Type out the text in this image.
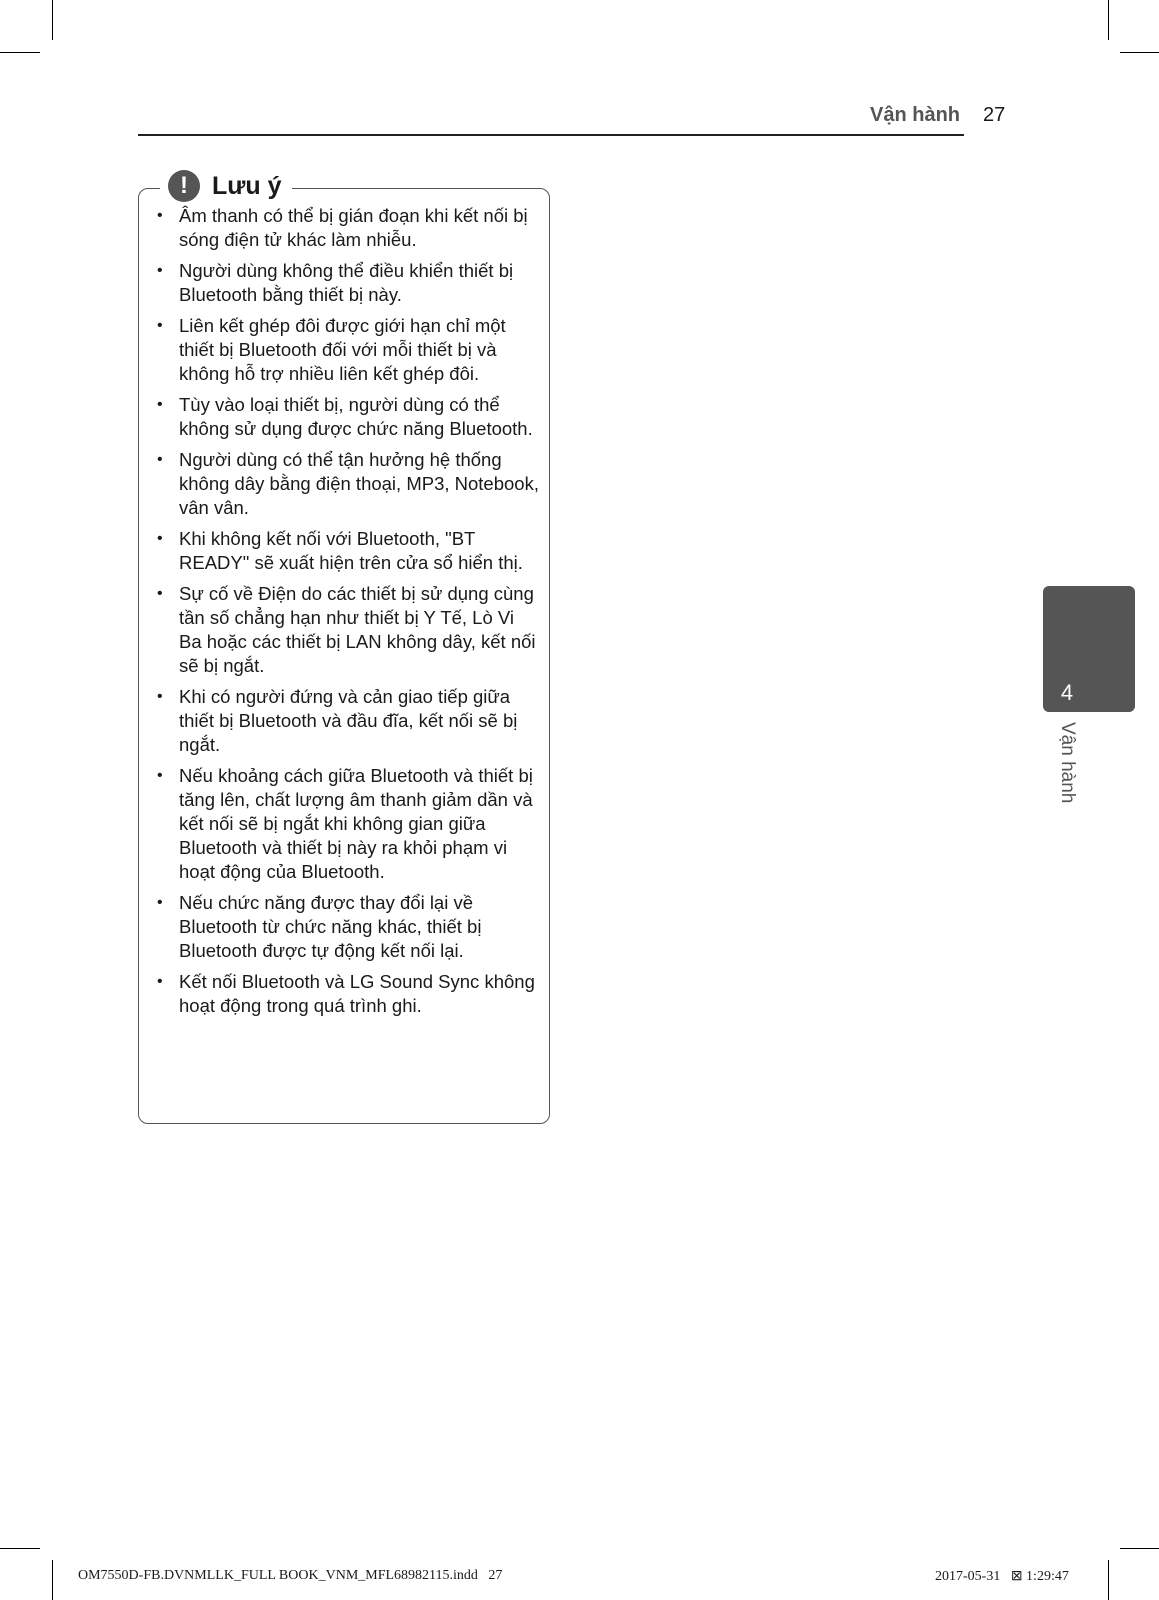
Vận hành 27
! Lưu ý
• Âm thanh có thể bị gián đoạn khi kết nối bị sóng điện tử khác làm nhiễu.
• Người dùng không thể điều khiển thiết bị Bluetooth bằng thiết bị này.
• Liên kết ghép đôi được giới hạn chỉ một thiết bị Bluetooth đối với mỗi thiết bị và không hỗ trợ nhiều liên kết ghép đôi.
• Tùy vào loại thiết bị, người dùng có thể không sử dụng được chức năng Bluetooth.
• Người dùng có thể tận hưởng hệ thống không dây bằng điện thoại, MP3, Notebook, vân vân.
• Khi không kết nối với Bluetooth, "BT READY" sẽ xuất hiện trên cửa sổ hiển thị.
• Sự cố về Điện do các thiết bị sử dụng cùng tần số chẳng hạn như thiết bị Y Tế, Lò Vi Ba hoặc các thiết bị LAN không dây, kết nối sẽ bị ngắt.
• Khi có người đứng và cản giao tiếp giữa thiết bị Bluetooth và đầu đĩa, kết nối sẽ bị ngắt.
• Nếu khoảng cách giữa Bluetooth và thiết bị tăng lên, chất lượng âm thanh giảm dần và kết nối sẽ bị ngắt khi không gian giữa Bluetooth và thiết bị này ra khỏi phạm vi hoạt động của Bluetooth.
• Nếu chức năng được thay đổi lại về Bluetooth từ chức năng khác, thiết bị Bluetooth được tự động kết nối lại.
• Kết nối Bluetooth và LG Sound Sync không hoạt động trong quá trình ghi.
4
Vận hành
OM7550D-FB.DVNMLLK_FULL BOOK_VNM_MFL68982115.indd   27	2017-05-31   ⊠ 1:29:47
